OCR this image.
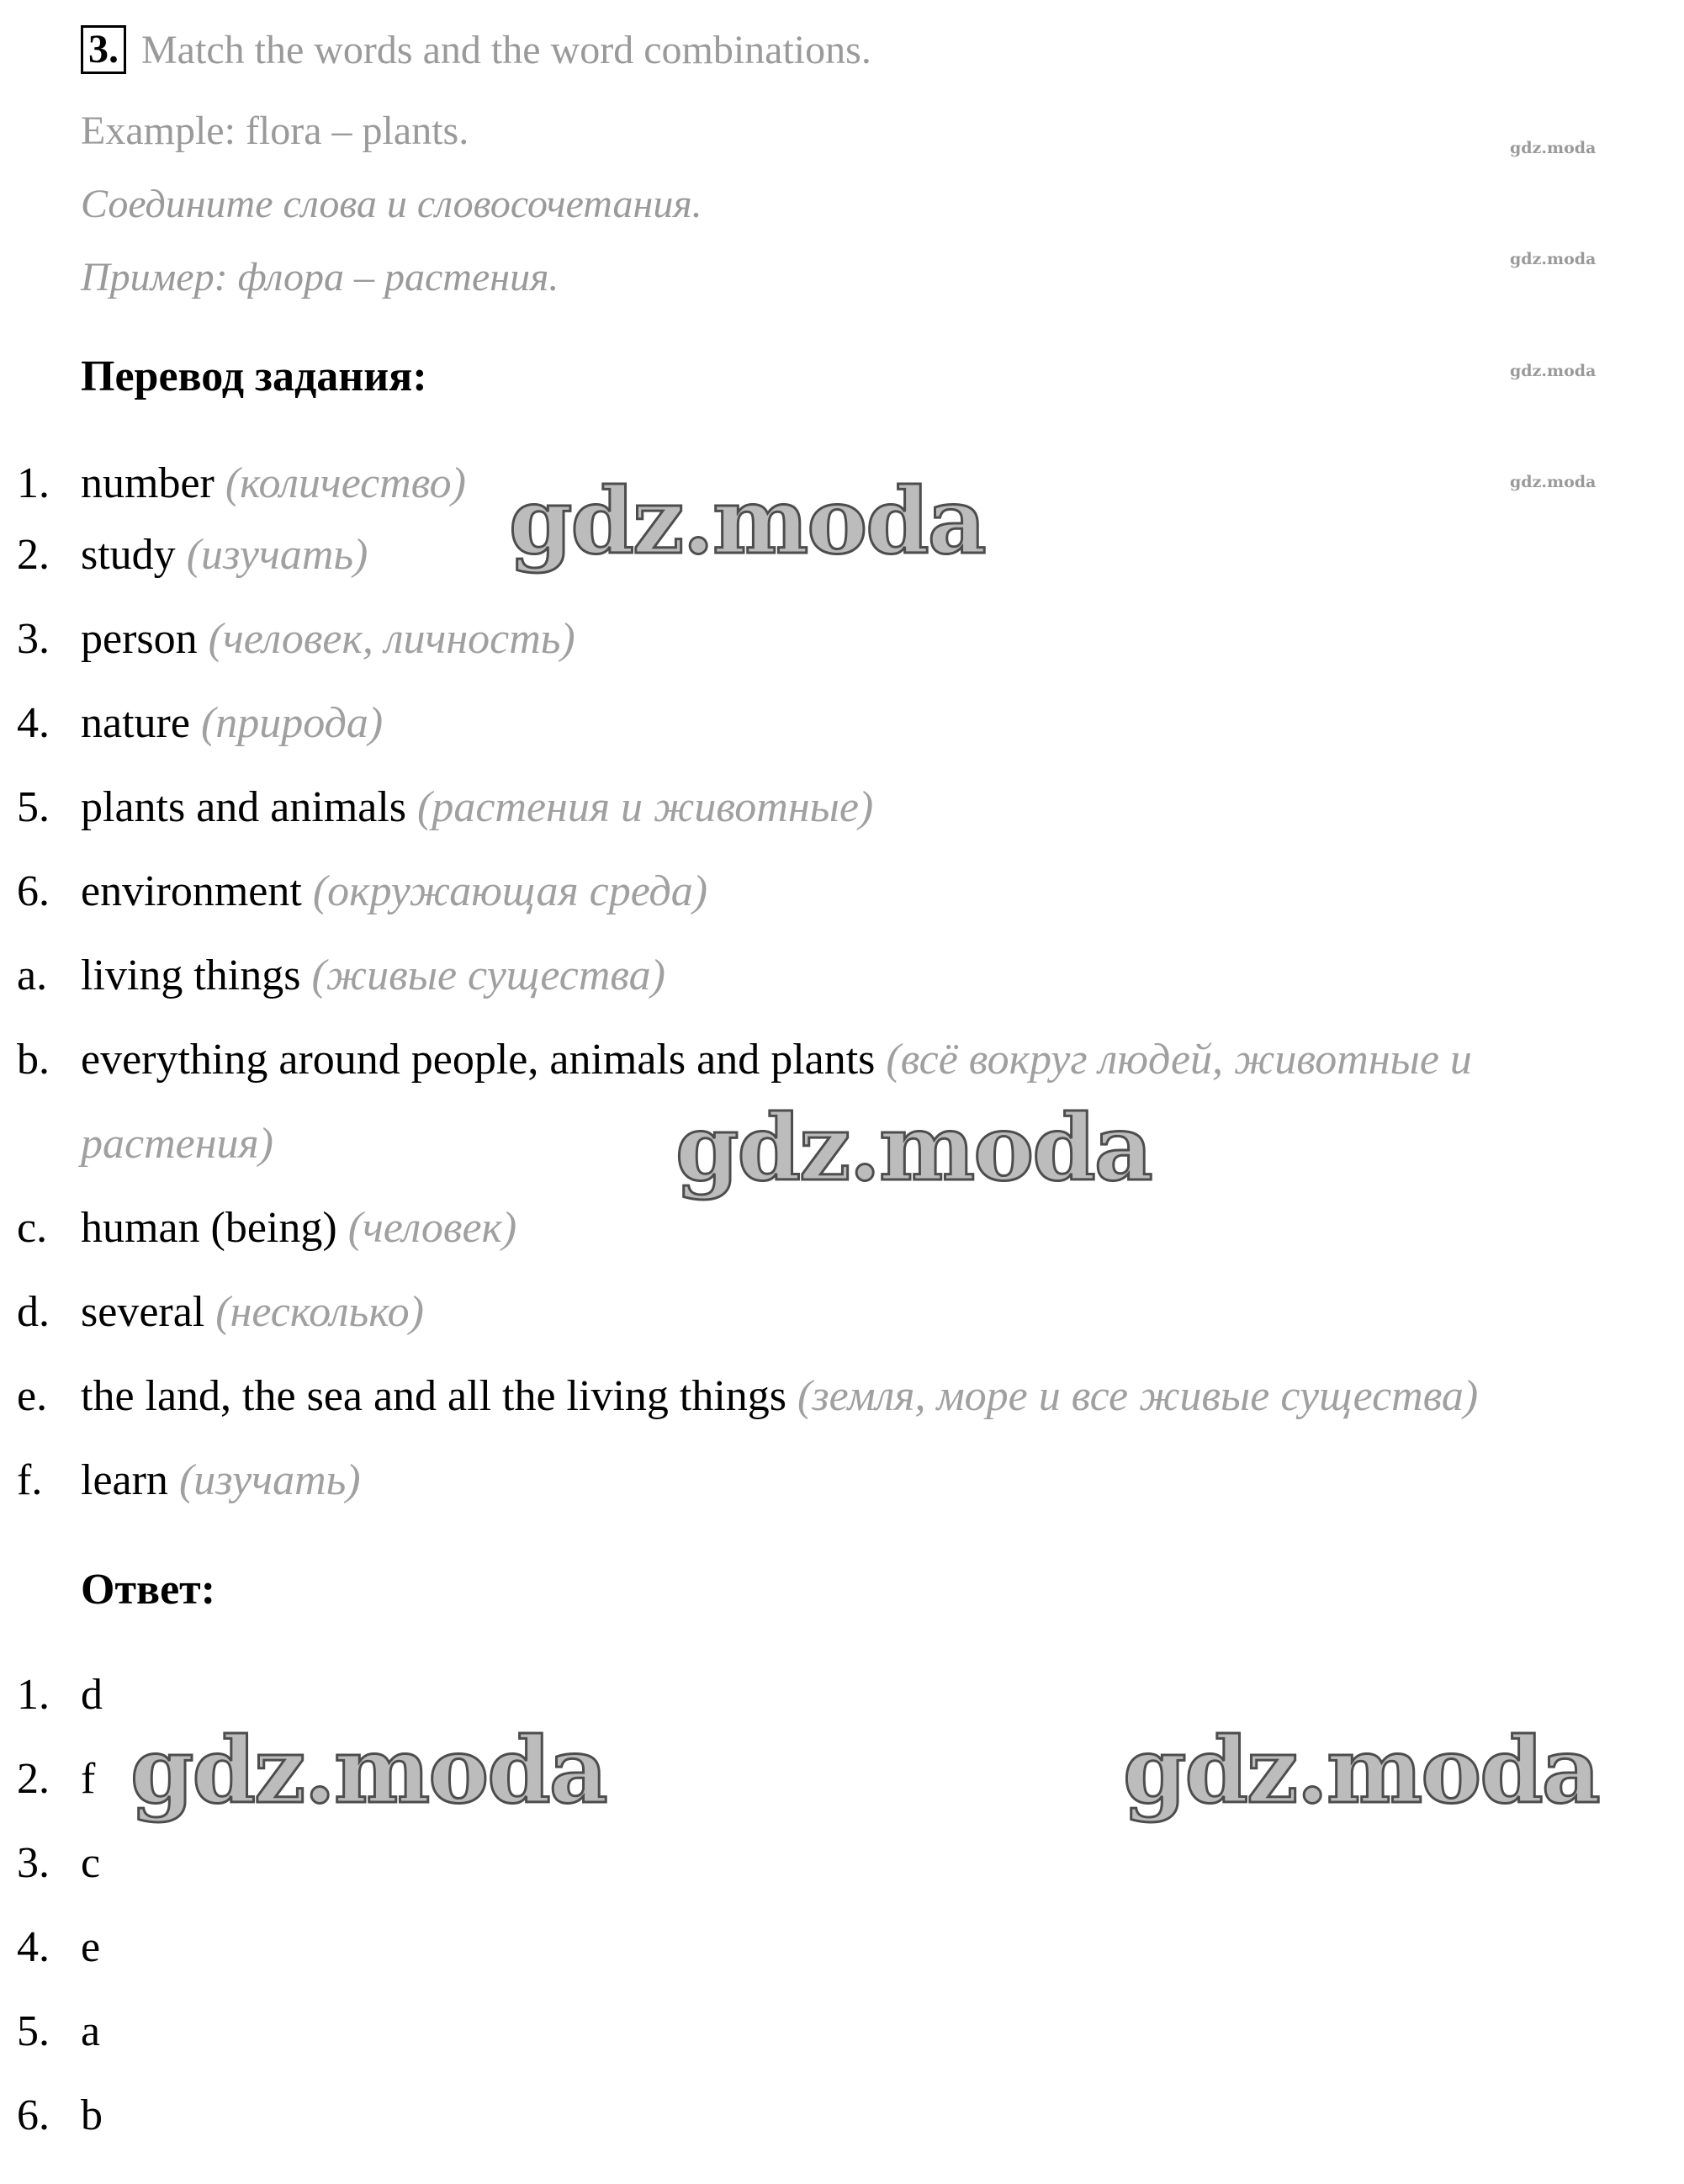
3. Match the words and the word combinations.
Example: flora – plants.
Соедините слова и словосочетания.
Пример: флора – растения.
Перевод задания:
1. number (количество)
2. study (изучать)
3. person (человек, личность)
4. nature (природа)
5. plants and animals (растения и животные)
6. environment (окружающая среда)
a. living things (живые существа)
b. everything around people, animals and plants (всё вокруг людей, животные и
растения)
c. human (being) (человек)
d. several (несколько)
e. the land, the sea and all the living things (земля, море и все живые существа)
f. learn (изучать)
Ответ:
1. d
2. f
3. c
4. e
5. a
6. b
gdz.moda
gdz.moda
gdz.moda
gdz.moda
gdz.moda
gdz.moda
gdz.moda	gdz.moda
